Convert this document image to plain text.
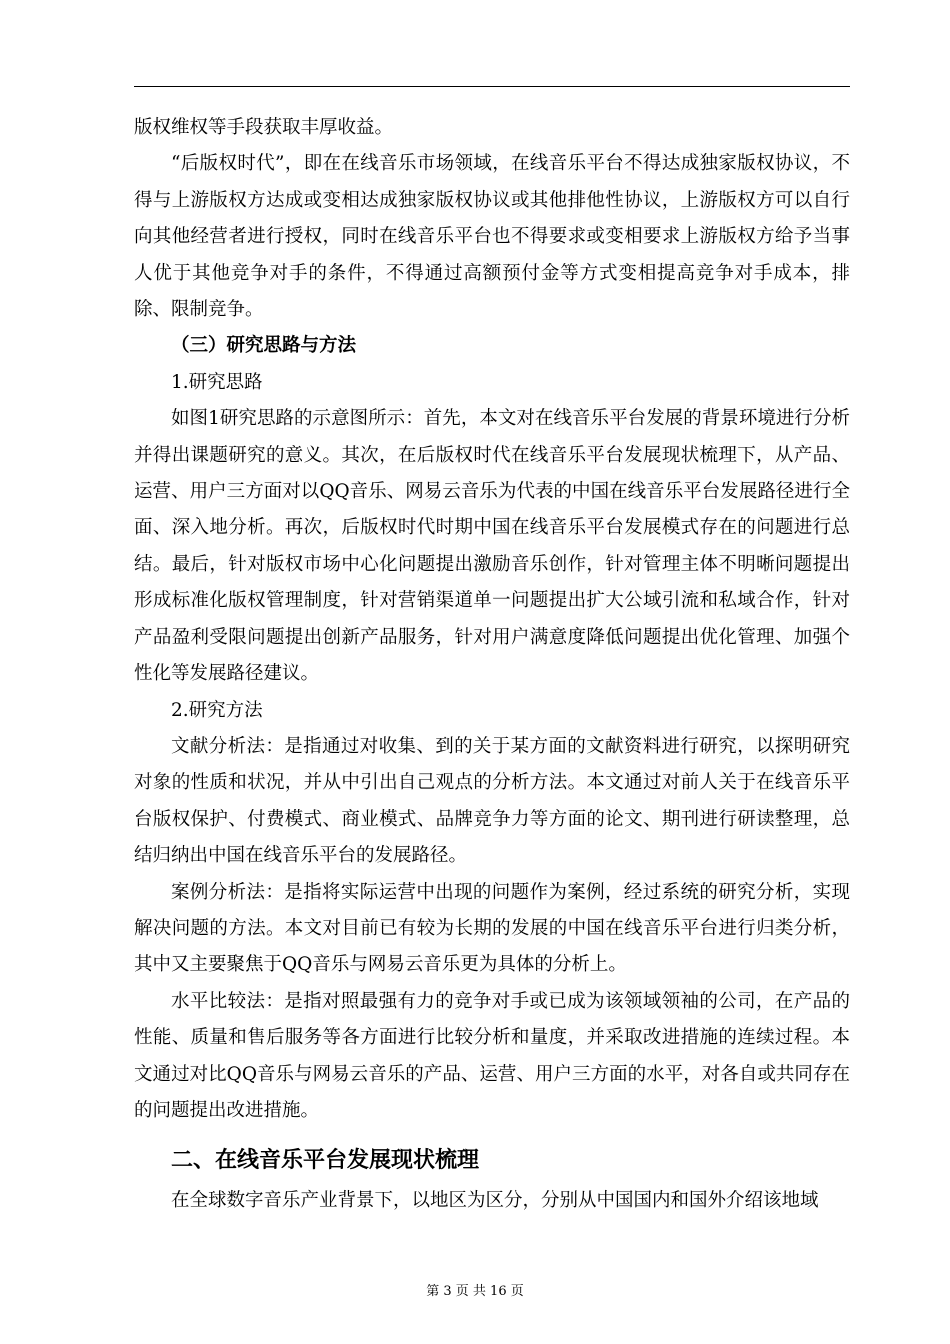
版权维权等手段获取丰厚收益。

“后版权时代”，即在在线音乐市场领域，在线音乐平台不得达成独家版权协议，不得与上游版权方达成或变相达成独家版权协议或其他排他性协议，上游版权方可以自行向其他经营者进行授权，同时在线音乐平台也不得要求或变相要求上游版权方给予当事人优于其他竞争对手的条件，不得通过高额预付金等方式变相提高竞争对手成本，排除、限制竞争。

（三）研究思路与方法

1.研究思路

如图1研究思路的示意图所示：首先，本文对在线音乐平台发展的背景环境进行分析并得出课题研究的意义。其次，在后版权时代在线音乐平台发展现状梳理下，从产品、运营、用户三方面对以QQ音乐、网易云音乐为代表的中国在线音乐平台发展路径进行全面、深入地分析。再次，后版权时代时期中国在线音乐平台发展模式存在的问题进行总结。最后，针对版权市场中心化问题提出激励音乐创作，针对管理主体不明晰问题提出形成标准化版权管理制度，针对营销渠道单一问题提出扩大公域引流和私域合作，针对产品盈利受限问题提出创新产品服务，针对用户满意度降低问题提出优化管理、加强个性化等发展路径建议。

2.研究方法

文献分析法：是指通过对收集、到的关于某方面的文献资料进行研究，以探明研究对象的性质和状况，并从中引出自己观点的分析方法。本文通过对前人关于在线音乐平台版权保护、付费模式、商业模式、品牌竞争力等方面的论文、期刊进行研读整理，总结归纳出中国在线音乐平台的发展路径。

案例分析法：是指将实际运营中出现的问题作为案例，经过系统的研究分析，实现解决问题的方法。本文对目前已有较为长期的发展的中国在线音乐平台进行归类分析，其中又主要聚焦于QQ音乐与网易云音乐更为具体的分析上。

水平比较法：是指对照最强有力的竞争对手或已成为该领域领袖的公司，在产品的性能、质量和售后服务等各方面进行比较分析和量度，并采取改进措施的连续过程。本文通过对比QQ音乐与网易云音乐的产品、运营、用户三方面的水平，对各自或共同存在的问题提出改进措施。

二、在线音乐平台发展现状梳理

在全球数字音乐产业背景下，以地区为区分，分别从中国国内和国外介绍该地域

第 3 页 共 16 页
